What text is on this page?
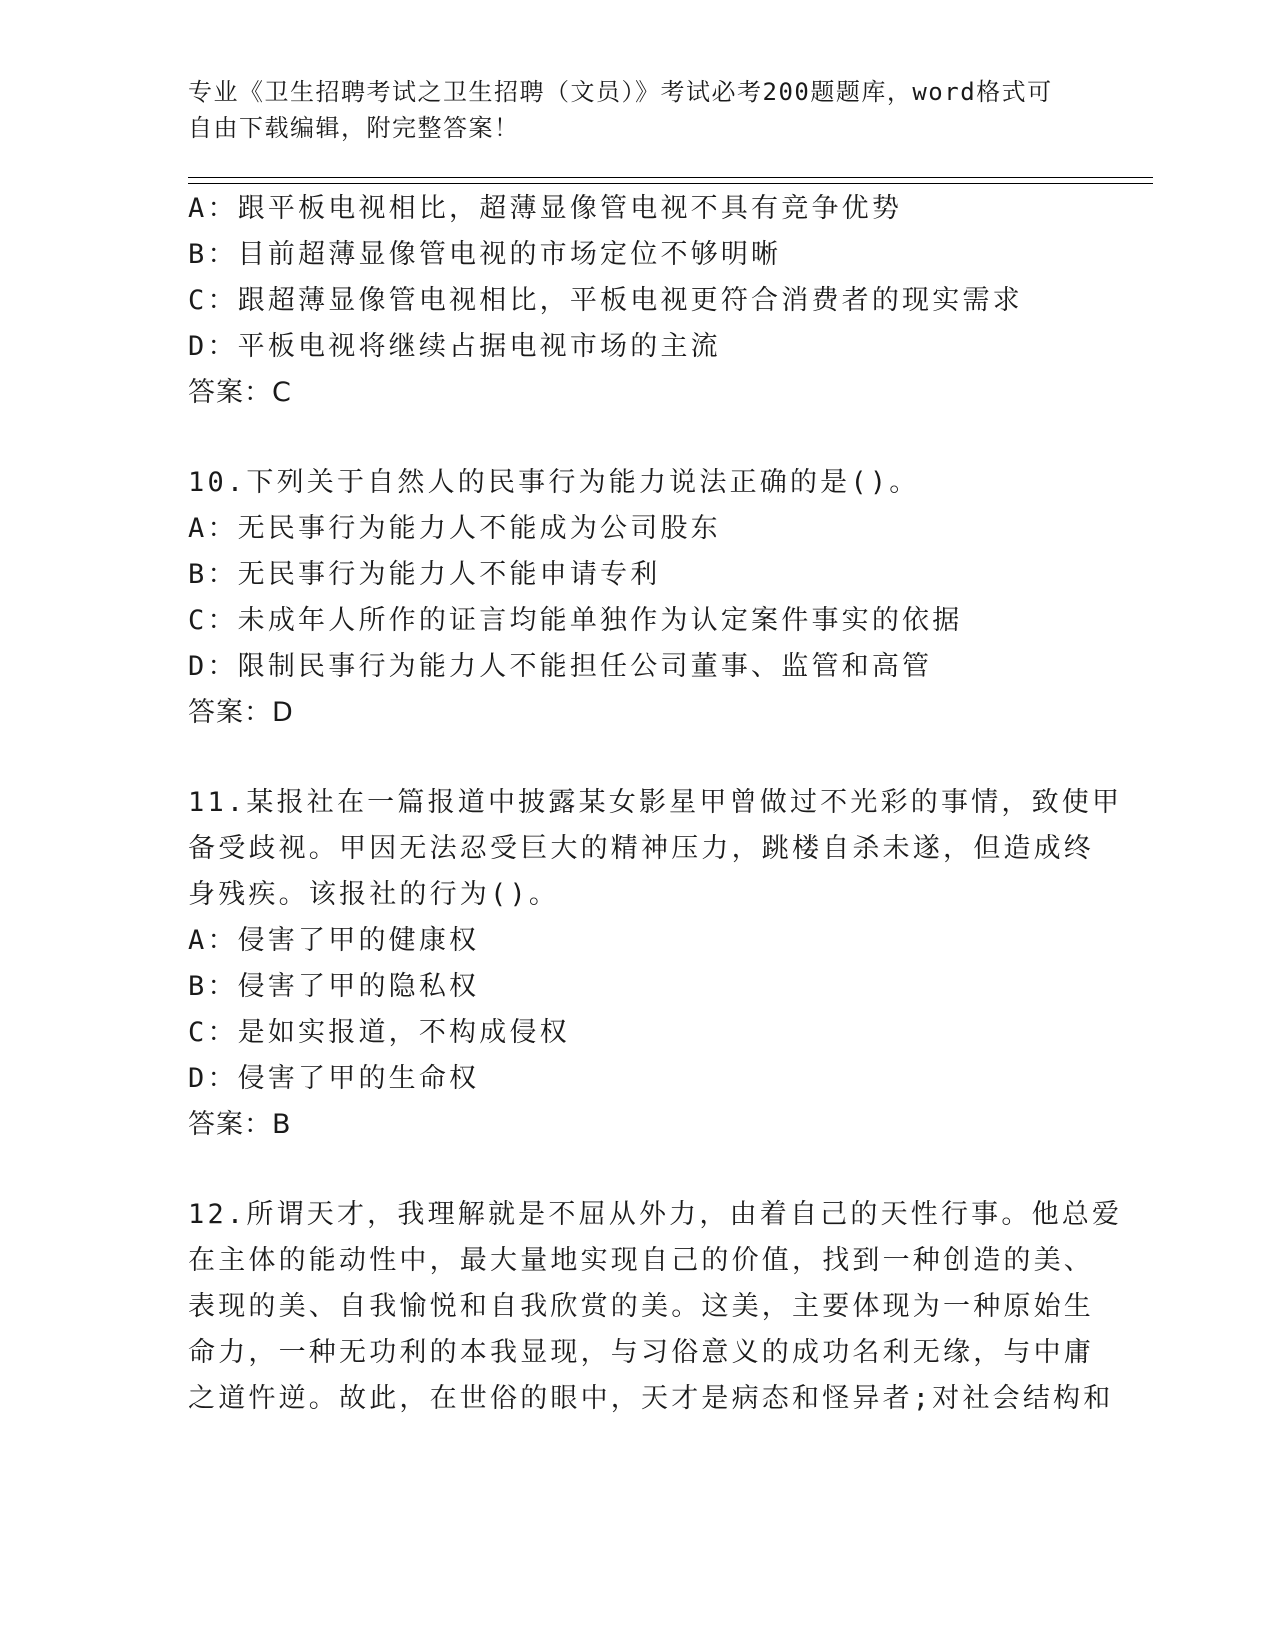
专业《卫生招聘考试之卫生招聘（文员）》考试必考200题题库，word格式可自由下载编辑，附完整答案！
A：跟平板电视相比，超薄显像管电视不具有竞争优势
B：目前超薄显像管电视的市场定位不够明晰
C：跟超薄显像管电视相比，平板电视更符合消费者的现实需求
D：平板电视将继续占据电视市场的主流
答案：C
10.下列关于自然人的民事行为能力说法正确的是()。
A：无民事行为能力人不能成为公司股东
B：无民事行为能力人不能申请专利
C：未成年人所作的证言均能单独作为认定案件事实的依据
D：限制民事行为能力人不能担任公司董事、监管和高管
答案：D
11.某报社在一篇报道中披露某女影星甲曾做过不光彩的事情，致使甲
备受歧视。甲因无法忍受巨大的精神压力，跳楼自杀未遂，但造成终
身残疾。该报社的行为()。
A：侵害了甲的健康权
B：侵害了甲的隐私权
C：是如实报道，不构成侵权
D：侵害了甲的生命权
答案：B
12.所谓天才，我理解就是不屈从外力，由着自己的天性行事。他总爱
在主体的能动性中，最大量地实现自己的价值，找到一种创造的美、
表现的美、自我愉悦和自我欣赏的美。这美，主要体现为一种原始生
命力，一种无功利的本我显现，与习俗意义的成功名利无缘，与中庸
之道忤逆。故此，在世俗的眼中，天才是病态和怪异者;对社会结构和
